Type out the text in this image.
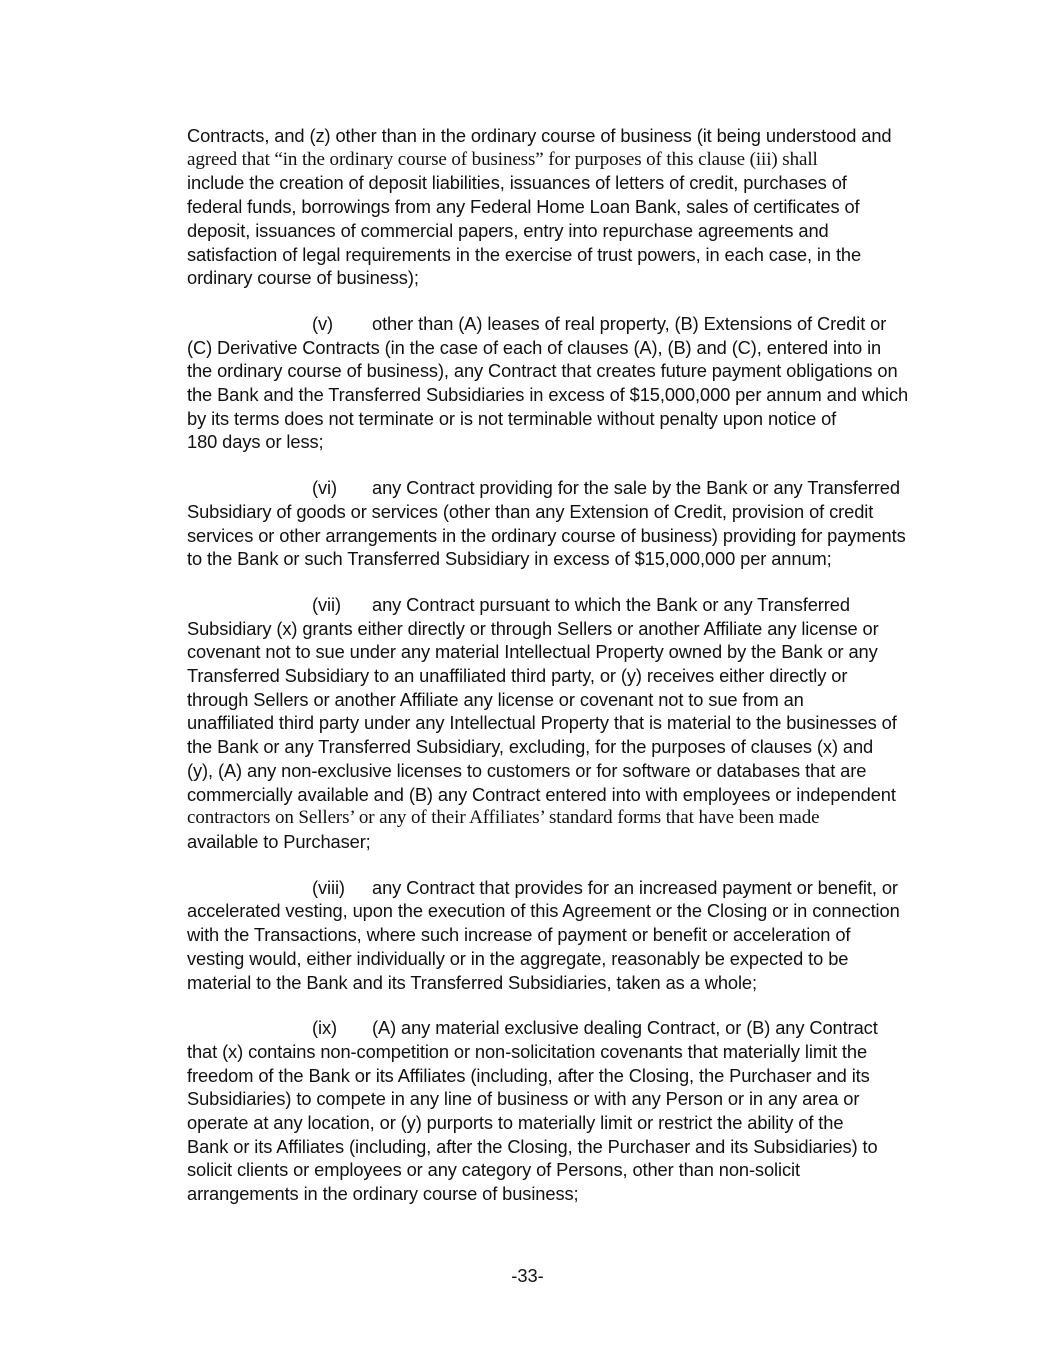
Contracts, and (z) other than in the ordinary course of business (it being understood and
agreed that “in the ordinary course of business” for purposes of this clause (iii) shall
include the creation of deposit liabilities, issuances of letters of credit, purchases of
federal funds, borrowings from any Federal Home Loan Bank, sales of certificates of
deposit, issuances of commercial papers, entry into repurchase agreements and
satisfaction of legal requirements in the exercise of trust powers, in each case, in the
ordinary course of business);

(v) other than (A) leases of real property, (B) Extensions of Credit or
(C) Derivative Contracts (in the case of each of clauses (A), (B) and (C), entered into in
the ordinary course of business), any Contract that creates future payment obligations on
the Bank and the Transferred Subsidiaries in excess of $15,000,000 per annum and which
by its terms does not terminate or is not terminable without penalty upon notice of
180 days or less;

(vi) any Contract providing for the sale by the Bank or any Transferred
Subsidiary of goods or services (other than any Extension of Credit, provision of credit
services or other arrangements in the ordinary course of business) providing for payments
to the Bank or such Transferred Subsidiary in excess of $15,000,000 per annum;

(vii) any Contract pursuant to which the Bank or any Transferred
Subsidiary (x) grants either directly or through Sellers or another Affiliate any license or
covenant not to sue under any material Intellectual Property owned by the Bank or any
Transferred Subsidiary to an unaffiliated third party, or (y) receives either directly or
through Sellers or another Affiliate any license or covenant not to sue from an
unaffiliated third party under any Intellectual Property that is material to the businesses of
the Bank or any Transferred Subsidiary, excluding, for the purposes of clauses (x) and
(y), (A) any non-exclusive licenses to customers or for software or databases that are
commercially available and (B) any Contract entered into with employees or independent
contractors on Sellers’ or any of their Affiliates’ standard forms that have been made
available to Purchaser;

(viii) any Contract that provides for an increased payment or benefit, or
accelerated vesting, upon the execution of this Agreement or the Closing or in connection
with the Transactions, where such increase of payment or benefit or acceleration of
vesting would, either individually or in the aggregate, reasonably be expected to be
material to the Bank and its Transferred Subsidiaries, taken as a whole;

(ix) (A) any material exclusive dealing Contract, or (B) any Contract
that (x) contains non-competition or non-solicitation covenants that materially limit the
freedom of the Bank or its Affiliates (including, after the Closing, the Purchaser and its
Subsidiaries) to compete in any line of business or with any Person or in any area or
operate at any location, or (y) purports to materially limit or restrict the ability of the
Bank or its Affiliates (including, after the Closing, the Purchaser and its Subsidiaries) to
solicit clients or employees or any category of Persons, other than non-solicit
arrangements in the ordinary course of business;

-33-
